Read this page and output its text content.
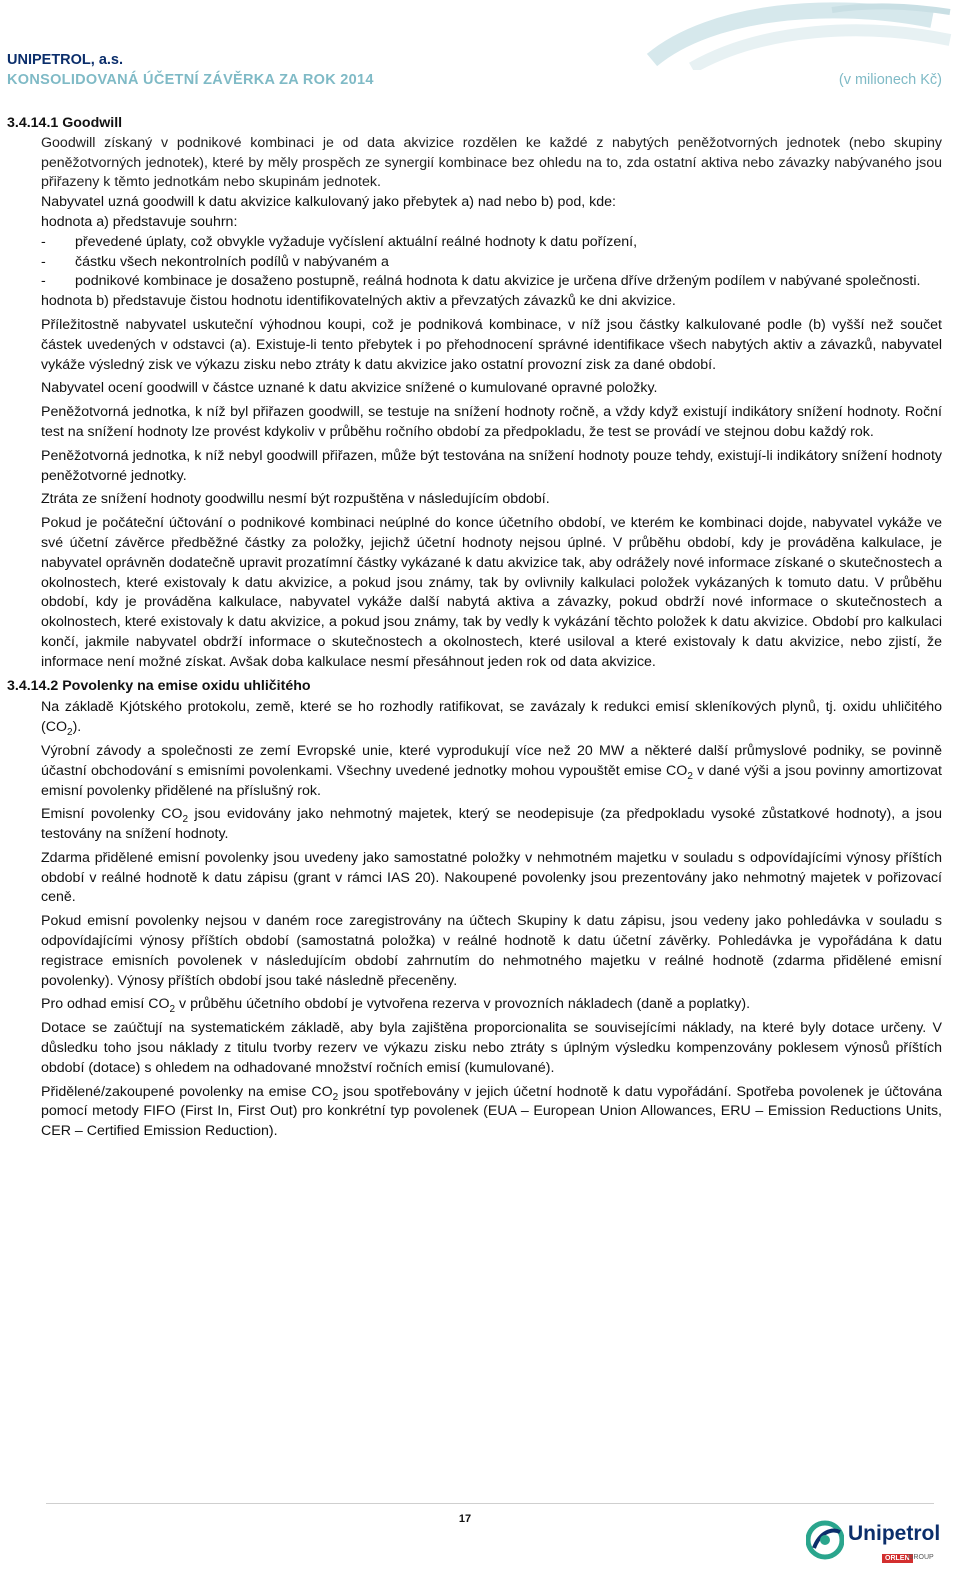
UNIPETROL, a.s.
KONSOLIDOVANÁ ÚČETNÍ ZÁVĚRKA ZA ROK 2014	(v milionech Kč)

3.4.14.1 Goodwill

Goodwill získaný v podnikové kombinaci je od data akvizice rozdělen ke každé z nabytých peněžotvorných jednotek (nebo skupiny peněžotvorných jednotek), které by měly prospěch ze synergií kombinace bez ohledu na to, zda ostatní aktiva nebo závazky nabývaného jsou přiřazeny k těmto jednotkám nebo skupinám jednotek.

Nabyvatel uzná goodwill k datu akvizice kalkulovaný jako přebytek a) nad nebo b) pod, kde:

hodnota a) představuje souhrn:

-	převedené úplaty, což obvykle vyžaduje vyčíslení aktuální reálné hodnoty k datu pořízení,
-	částku všech nekontrolních podílů v nabývaném a
-	podnikové kombinace je dosaženo postupně, reálná hodnota k datu akvizice je určena dříve drženým podílem v nabývané společnosti.

hodnota b) představuje čistou hodnotu identifikovatelných aktiv a převzatých závazků ke dni akvizice.

Příležitostně nabyvatel uskuteční výhodnou koupi, což je podniková kombinace, v níž jsou částky kalkulované podle (b) vyšší než součet částek uvedených v odstavci (a). Existuje-li tento přebytek i po přehodnocení správné identifikace všech nabytých aktiv a závazků, nabyvatel vykáže výsledný zisk ve výkazu zisku nebo ztráty k datu akvizice jako ostatní provozní zisk za dané období.

Nabyvatel ocení goodwill v částce uznané k datu akvizice snížené o kumulované opravné položky.

Peněžotvorná jednotka, k níž byl přiřazen goodwill, se testuje na snížení hodnoty ročně, a vždy když existují indikátory snížení hodnoty. Roční test na snížení hodnoty lze provést kdykoliv v průběhu ročního období za předpokladu, že test se provádí ve stejnou dobu každý rok.

Peněžotvorná jednotka, k níž nebyl goodwill přiřazen, může být testována na snížení hodnoty pouze tehdy, existují-li indikátory snížení hodnoty peněžotvorné jednotky.

Ztráta ze snížení hodnoty goodwillu nesmí být rozpuštěna v následujícím období.

Pokud je počáteční účtování o podnikové kombinaci neúplné do konce účetního období, ve kterém ke kombinaci dojde, nabyvatel vykáže ve své účetní závěrce předběžné částky za položky, jejichž účetní hodnoty nejsou úplné. V průběhu období, kdy je prováděna kalkulace, je nabyvatel oprávněn dodatečně upravit prozatímní částky vykázané k datu akvizice tak, aby odrážely nové informace získané o skutečnostech a okolnostech, které existovaly k datu akvizice, a pokud jsou známy, tak by ovlivnily kalkulaci položek vykázaných k tomuto datu. V průběhu období, kdy je prováděna kalkulace, nabyvatel vykáže další nabytá aktiva a závazky, pokud obdrží nové informace o skutečnostech a okolnostech, které existovaly k datu akvizice, a pokud jsou známy, tak by vedly k vykázání těchto položek k datu akvizice. Období pro kalkulaci končí, jakmile nabyvatel obdrží informace o skutečnostech a okolnostech, které usiloval a které existovaly k datu akvizice, nebo zjistí, že informace není možné získat. Avšak doba kalkulace nesmí přesáhnout jeden rok od data akvizice.

3.4.14.2 Povolenky na emise oxidu uhličitého

Na základě Kjótského protokolu, země, které se ho rozhodly ratifikovat, se zavázaly k redukci emisí skleníkových plynů, tj. oxidu uhličitého $(CO_2)$.

Výrobní závody a společnosti ze zemí Evropské unie, které vyprodukují více než 20 MW a některé další průmyslové podniky, se povinně účastní obchodování s emisními povolenkami. Všechny uvedené jednotky mohou vypouštět emise $CO_2$ v dané výši a jsou povinny amortizovat emisní povolenky přidělené na příslušný rok.

Emisní povolenky $CO_2$ jsou evidovány jako nehmotný majetek, který se neodepisuje (za předpokladu vysoké zůstatkové hodnoty), a jsou testovány na snížení hodnoty.

Zdarma přidělené emisní povolenky jsou uvedeny jako samostatné položky v nehmotném majetku v souladu s odpovídajícími výnosy příštích období v reálné hodnotě k datu zápisu (grant v rámci IAS 20). Nakoupené povolenky jsou prezentovány jako nehmotný majetek v pořizovací ceně.

Pokud emisní povolenky nejsou v daném roce zaregistrovány na účtech Skupiny k datu zápisu, jsou vedeny jako pohledávka v souladu s odpovídajícími výnosy příštích období (samostatná položka) v reálné hodnotě k datu účetní závěrky. Pohledávka je vypořádána k datu registrace emisních povolenek v následujícím období zahrnutím do nehmotného majetku v reálné hodnotě (zdarma přidělené emisní povolenky). Výnosy příštích období jsou také následně přeceněny.

Pro odhad emisí $CO_2$ v průběhu účetního období je vytvořena rezerva v provozních nákladech (daně a poplatky).

Dotace se zaúčtují na systematickém základě, aby byla zajištěna proporcionalita se souvisejícími náklady, na které byly dotace určeny. V důsledku toho jsou náklady z titulu tvorby rezerv ve výkazu zisku nebo ztráty s úplným výsledku kompenzovány poklesem výnosů příštích období (dotace) s ohledem na odhadované množství ročních emisí (kumulované).

Přidělené/zakoupené povolenky na emise $CO_2$ jsou spotřebovány v jejich účetní hodnotě k datu vypořádání. Spotřeba povolenek je účtována pomocí metody FIFO (First In, First Out) pro konkrétní typ povolenek (EUA – European Union Allowances, ERU – Emission Reductions Units, CER – Certified Emission Reduction).

17
Unipetrol
ORLEN
GROUP
